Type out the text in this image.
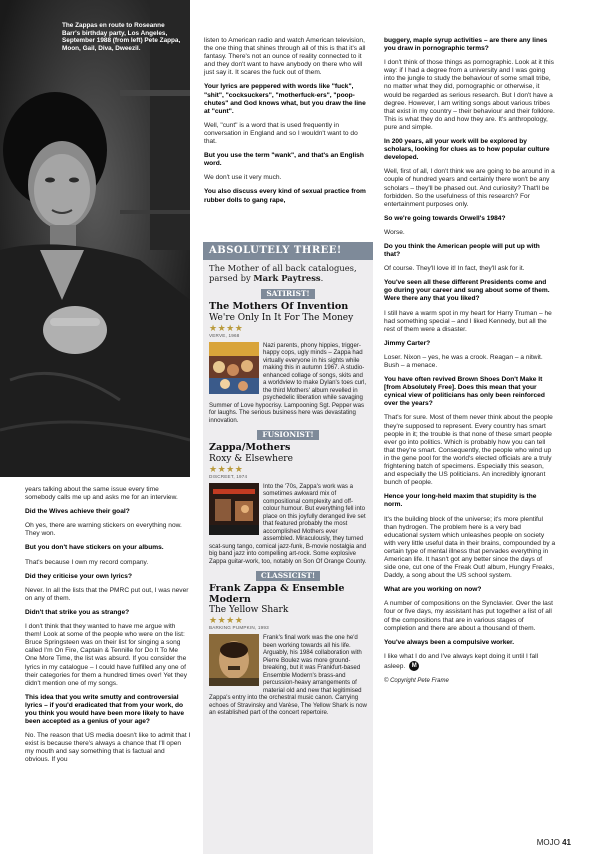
The Zappas en route to Roseanne Barr's birthday party, Los Angeles, September 1988 (from left) Pete Zappa, Moon, Gail, Diva, Dweezil.

years talking about the same issue every time somebody calls me up and asks me for an interview.

Did the Wives achieve their goal?

Oh yes, there are warning stickers on everything now. They won.

But you don't have stickers on your albums.

That's because I own my record company.

Did they criticise your own lyrics?

Never. In all the lists that the PMRC put out, I was never on any of them.

Didn't that strike you as strange?

I don't think that they wanted to have me argue with them! Look at some of the people who were on the list: Bruce Springsteen was on their list for singing a song called I'm On Fire, Captain & Tennille for Do It To Me One More Time, the list was absurd. If you consider the lyrics in my catalogue – I could have fulfilled any one of their categories for them a hundred times over! Yet they didn't mention one of my songs.

This idea that you write smutty and controversial lyrics – if you'd eradicated that from your work, do you think you would have been more likely to have been accepted as a genius of your age?

No. The reason that US media doesn't like to admit that I exist is because there's always a chance that I'll open my mouth and say something that is factual and obvious. If you

listen to American radio and watch American television, the one thing that shines through all of this is that it's all fantasy. There's not an ounce of reality connected to it and they don't want to have anybody on there who will just say it. It scares the fuck out of them.

Your lyrics are peppered with words like "fuck", "shit", "cocksuckers", "motherfuck-ers", "poop-chutes" and God knows what, but you draw the line at "cunt".

Well, "cunt" is a word that is used frequently in conversation in England and so I wouldn't want to do that.

But you use the term "wank", and that's an English word.

We don't use it very much.

You also discuss every kind of sexual practice from rubber dolls to gang rape,

ABSOLUTELY THREE!

The Mother of all back catalogues, parsed by Mark Paytress.

SATIRIST!

The Mothers Of Invention

We're Only In It For The Money

★★★★

VERVE, 1968

Nazi parents, phony hippies, trigger-happy cops, ugly minds – Zappa had virtually everyone in his sights while making this in autumn 1967. A studio-enhanced collage of songs, skits and a worldview to make Dylan's toes curl, the third Mothers' album revelled in psychedelic liberation while savaging Summer of Love hypocrisy. Lampooning Sgt. Pepper was for laughs. The serious business here was devastating innovation.

FUSIONIST!

Zappa/Mothers

Roxy & Elsewhere

★★★★

DISCREET, 1974

Into the '70s, Zappa's work was a sometimes awkward mix of compositional complexity and off-colour humour. But everything fell into place on this joyfully deranged live set that featured probably the most accomplished Mothers ever assembled. Miraculously, they turned scat-sung tango, comical jazz-funk, B-movie nostalgia and big band jazz into compelling art-rock. Some explosive Zappa guitar-work, too, notably on Son Of Orange County.

CLASSICIST!

Frank Zappa & Ensemble Modern

The Yellow Shark

★★★★

BARKING PUMPKIN, 1993

Frank's final work was the one he'd been working towards all his life. Arguably, his 1984 collaboration with Pierre Boulez was more ground-breaking, but it was Frankfurt-based Ensemble Modern's brass-and percussion-heavy arrangements of material old and new that legitimised Zappa's entry into the orchestral music canon. Carrying echoes of Stravinsky and Varèse, The Yellow Shark is now an established part of the concert repertoire.

buggery, maple syrup activities – are there any lines you draw in pornographic terms?

I don't think of those things as pornographic. Look at it this way: if I had a degree from a university and I was going into the jungle to study the behaviour of some small tribe, no matter what they did, pornographic or otherwise, it would be regarded as serious research. But I don't have a degree. However, I am writing songs about various tribes that exist in my country – their behaviour and their folklore. This is what they do and how they are. It's anthropology, pure and simple.

In 200 years, all your work will be explored by scholars, looking for clues as to how popular culture developed.

Well, first of all, I don't think we are going to be around in a couple of hundred years and certainly there won't be any scholars – they'll be phased out. And curiosity? That'll be forbidden. So the usefulness of this research? For entertainment purposes only.

So we're going towards Orwell's 1984?

Worse.

Do you think the American people will put up with that?

Of course. They'll love it! In fact, they'll ask for it.

You've seen all these different Presidents come and go during your career and sung about some of them. Were there any that you liked?

I still have a warm spot in my heart for Harry Truman – he had something special – and I liked Kennedy, but all the rest of them were a disaster.

Jimmy Carter?

Loser. Nixon – yes, he was a crook. Reagan – a nitwit. Bush – a menace.

You have often revived Brown Shoes Don't Make It [from Absolutely Free]. Does this mean that your cynical view of politicians has only been reinforced over the years?

That's for sure. Most of them never think about the people they're supposed to represent. Every country has smart people in it; the trouble is that none of these smart people ever go into politics. Which is probably how you can tell that they're smart. Consequently, the people who wind up in the gene pool for the world's elected officials are a truly frightening batch of specimens. Especially this season, and especially the US politicians. An incredibly ignorant bunch of people.

Hence your long-held maxim that stupidity is the norm.

It's the building block of the universe; it's more plentiful than hydrogen. The problem here is a very bad educational system which unleashes people on society with very little useful data in their brains, compounded by a certain type of mental illness that pervades everything in American life. It hasn't got any better since the days of side one, cut one of the Freak Out! album, Hungry Freaks, Daddy, a song about the US school system.

What are you working on now?

A number of compositions on the Synclavier. Over the last four or five days, my assistant has put together a list of all of the compositions that are in various stages of completion and there are about a thousand of them.

You've always been a compulsive worker.

I like what I do and I've always kept doing it until I fall asleep. M

© Copyright Pete Frame

MOJO 41
